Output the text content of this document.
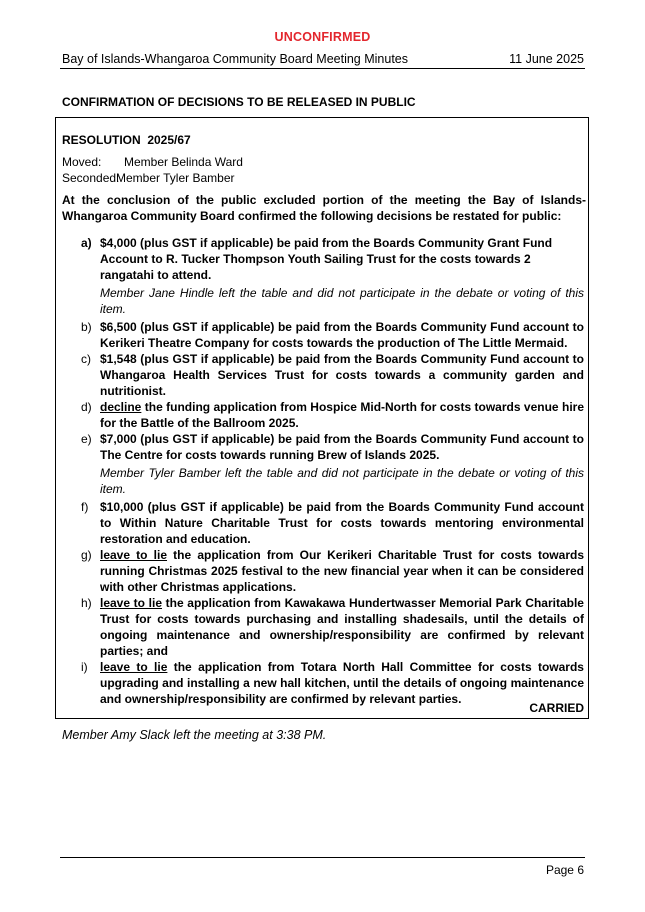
UNCONFIRMED
Bay of Islands-Whangaroa Community Board Meeting Minutes	11 June 2025
CONFIRMATION OF DECISIONS TO BE RELEASED IN PUBLIC
RESOLUTION  2025/67
Moved: Member Belinda Ward
Seconded:Member Tyler Bamber
At the conclusion of the public excluded portion of the meeting the Bay of Islands-Whangaroa Community Board confirmed the following decisions be restated for public:
a) $4,000 (plus GST if applicable) be paid from the Boards Community Grant Fund Account to R. Tucker Thompson Youth Sailing Trust for the costs towards 2 rangatahi to attend.
Member Jane Hindle left the table and did not participate in the debate or voting of this item.
b) $6,500 (plus GST if applicable) be paid from the Boards Community Fund account to Kerikeri Theatre Company for costs towards the production of The Little Mermaid.
c) $1,548 (plus GST if applicable) be paid from the Boards Community Fund account to Whangaroa Health Services Trust for costs towards a community garden and nutritionist.
d) decline the funding application from Hospice Mid-North for costs towards venue hire for the Battle of the Ballroom 2025.
e) $7,000 (plus GST if applicable) be paid from the Boards Community Fund account to The Centre for costs towards running Brew of Islands 2025.
Member Tyler Bamber left the table and did not participate in the debate or voting of this item.
f) $10,000 (plus GST if applicable) be paid from the Boards Community Fund account to Within Nature Charitable Trust for costs towards mentoring environmental restoration and education.
g) leave to lie the application from Our Kerikeri Charitable Trust for costs towards running Christmas 2025 festival to the new financial year when it can be considered with other Christmas applications.
h) leave to lie the application from Kawakawa Hundertwasser Memorial Park Charitable Trust for costs towards purchasing and installing shadesails, until the details of ongoing maintenance and ownership/responsibility are confirmed by relevant parties; and
i) leave to lie the application from Totara North Hall Committee for costs towards upgrading and installing a new hall kitchen, until the details of ongoing maintenance and ownership/responsibility are confirmed by relevant parties.
CARRIED
Member Amy Slack left the meeting at 3:38 PM.
Page 6
